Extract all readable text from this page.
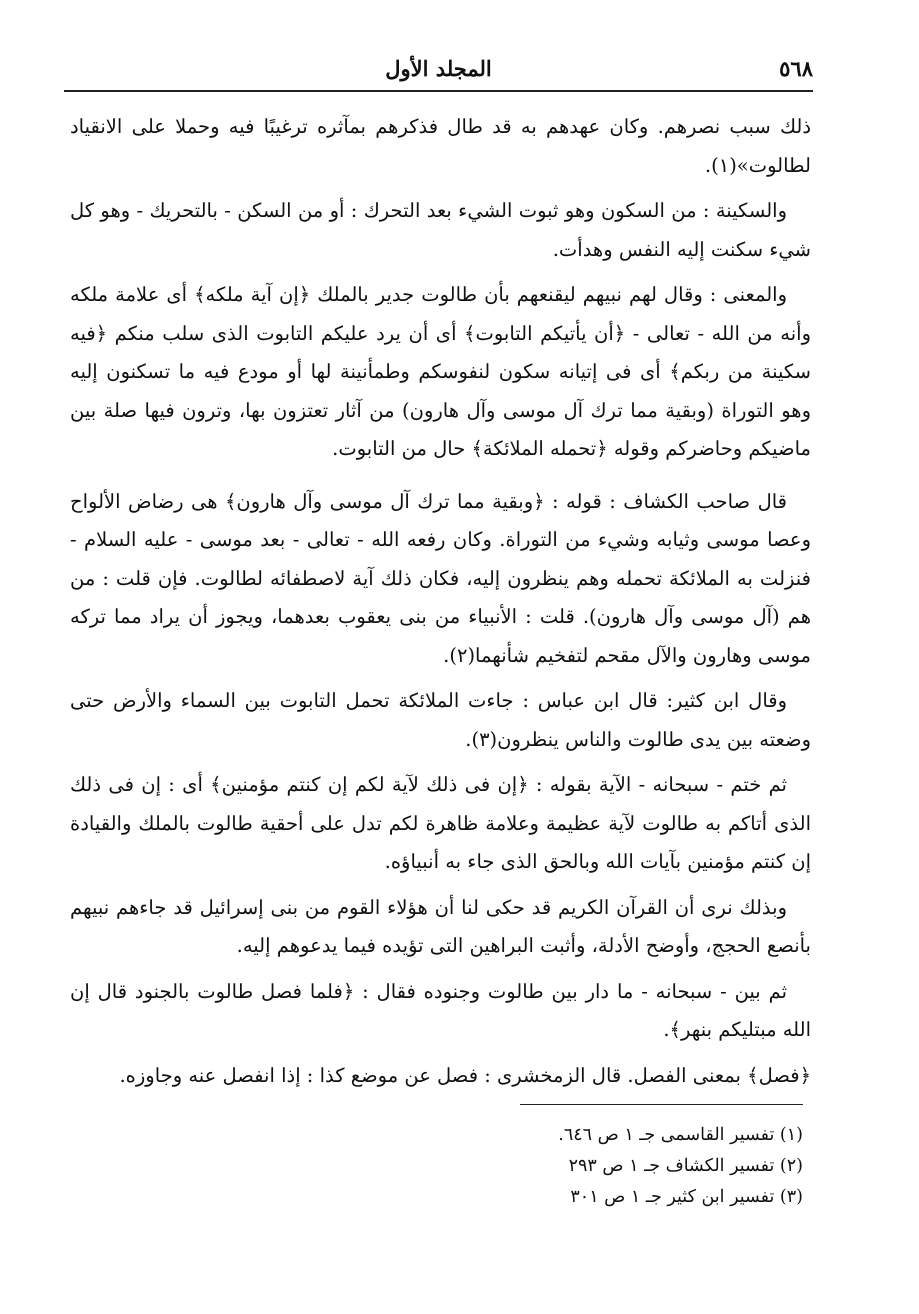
٥٦٨
المجلد الأول

ذلك سبب نصرهم. وكان عهدهم به قد طال فذكرهم بمآثره ترغيبًا فيه وحملا على الانقياد لطالوت»(١).

والسكينة : من السكون وهو ثبوت الشيء بعد التحرك : أو من السكن - بالتحريك - وهو كل شيء سكنت إليه النفس وهدأت.

والمعنى : وقال لهم نبيهم ليقنعهم بأن طالوت جدير بالملك ﴿إن آية ملكه﴾ أى علامة ملكه وأنه من الله - تعالى - ﴿أن يأتيكم التابوت﴾ أى أن يرد عليكم التابوت الذى سلب منكم ﴿فيه سكينة من ربكم﴾ أى فى إتيانه سكون لنفوسكم وطمأنينة لها أو مودع فيه ما تسكنون إليه وهو التوراة (وبقية مما ترك آل موسى وآل هارون) من آثار تعتزون بها، وترون فيها صلة بين ماضيكم وحاضركم وقوله ﴿تحمله الملائكة﴾ حال من التابوت.

قال صاحب الكشاف : قوله : ﴿وبقية مما ترك آل موسى وآل هارون﴾ هى رضاض الألواح وعصا موسى وثيابه وشيء من التوراة. وكان رفعه الله - تعالى - بعد موسى - عليه السلام - فنزلت به الملائكة تحمله وهم ينظرون إليه، فكان ذلك آية لاصطفائه لطالوت. فإن قلت : من هم (آل موسى وآل هارون). قلت : الأنبياء من بنى يعقوب بعدهما، ويجوز أن يراد مما تركه موسى وهارون والآل مقحم لتفخيم شأنهما(٢).

وقال ابن كثير: قال ابن عباس : جاءت الملائكة تحمل التابوت بين السماء والأرض حتى وضعته بين يدى طالوت والناس ينظرون(٣).

ثم ختم - سبحانه - الآية بقوله : ﴿إن فى ذلك لآية لكم إن كنتم مؤمنين﴾ أى : إن فى ذلك الذى أتاكم به طالوت لآية عظيمة وعلامة ظاهرة لكم تدل على أحقية طالوت بالملك والقيادة إن كنتم مؤمنين بآيات الله وبالحق الذى جاء به أنبياؤه.

وبذلك نرى أن القرآن الكريم قد حكى لنا أن هؤلاء القوم من بنى إسرائيل قد جاءهم نبيهم بأنصع الحجج، وأوضح الأدلة، وأثبت البراهين التى تؤيده فيما يدعوهم إليه.

ثم بين - سبحانه - ما دار بين طالوت وجنوده فقال : ﴿فلما فصل طالوت بالجنود قال إن الله مبتليكم بنهر﴾.

﴿فصل﴾ بمعنى الفصل. قال الزمخشرى : فصل عن موضع كذا : إذا انفصل عنه وجاوزه.

(١) تفسير القاسمى جـ ١ ص ٦٤٦.
(٢) تفسير الكشاف جـ ١ ص ٢٩٣
(٣) تفسير ابن كثير جـ ١ ص ٣٠١
